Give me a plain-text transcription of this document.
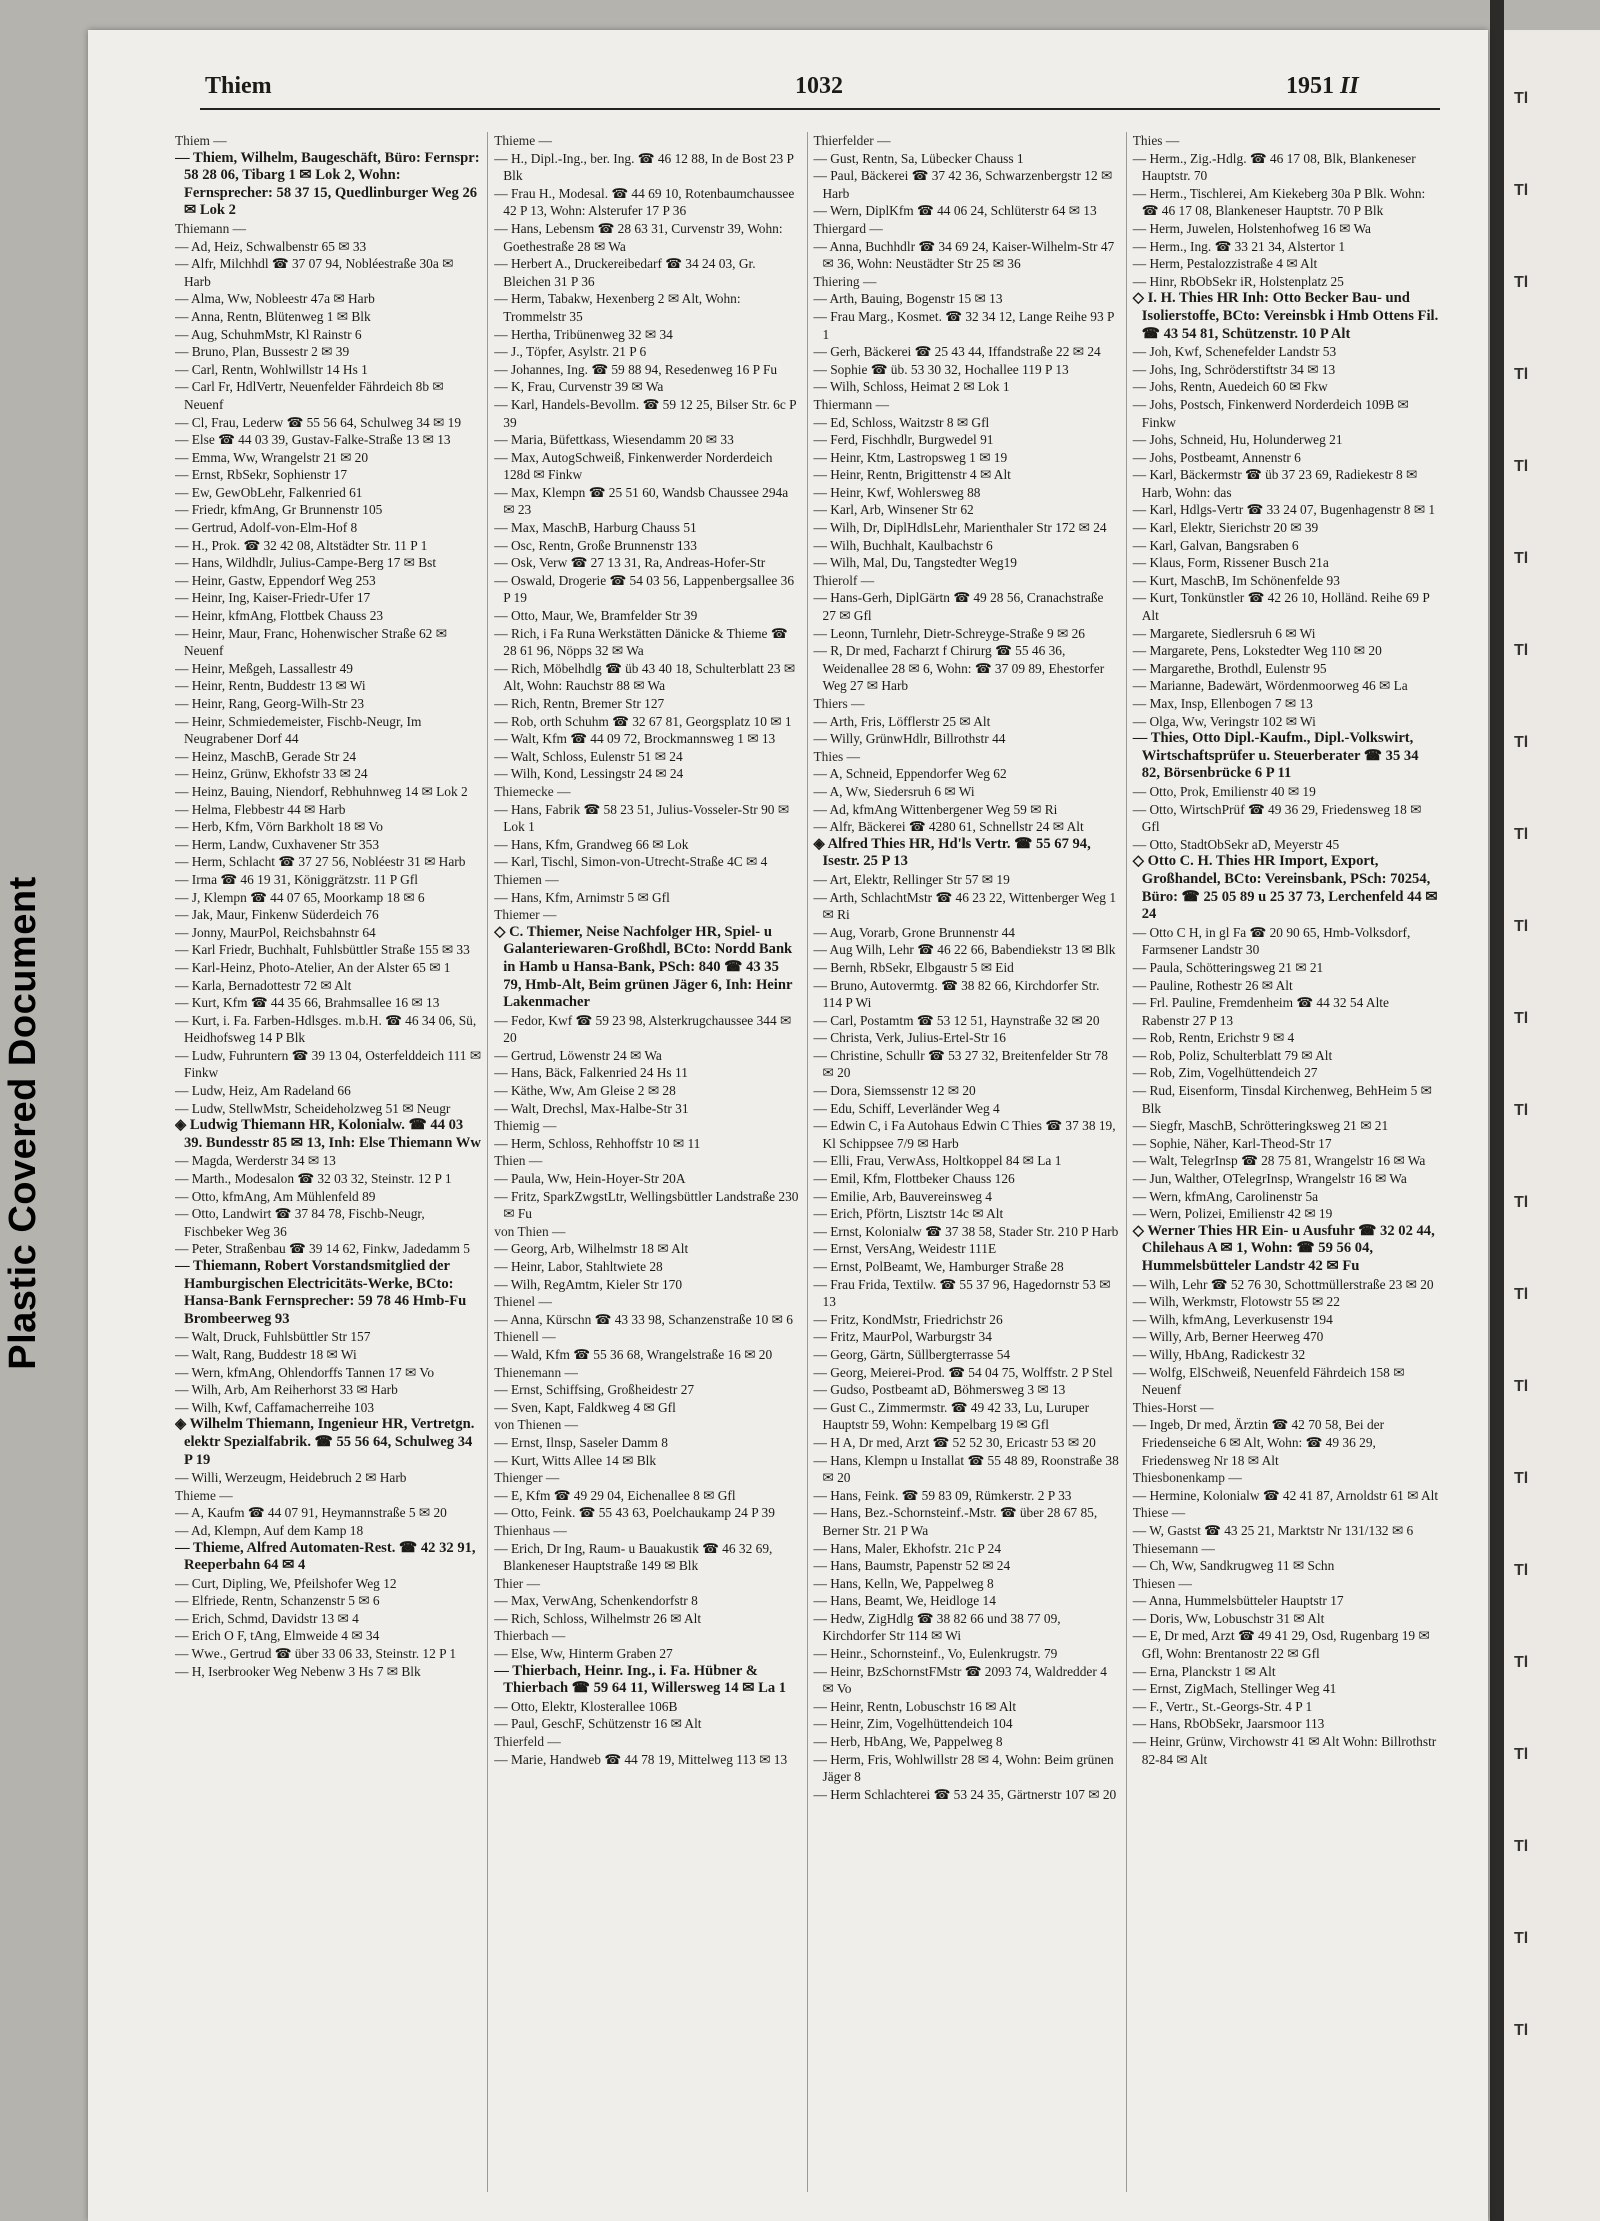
Tl
Tl
Tl
Tl
Tl
Tl
Tl
Tl
Tl
Tl
Tl
Tl
Tl
Tl
Tl
Tl
Tl
Tl
Tl
Tl
Tl
Tl
Plastic Covered Document
Thiem	1032	1951 II
Thiem —
— Thiem, Wilhelm, Baugeschäft, Büro: Fernspr: 58 28 06, Tibarg 1 ✉ Lok 2, Wohn: Fernsprecher: 58 37 15, Quedlinburger Weg 26 ✉ Lok 2
Thiemann —
— Ad, Heiz, Schwalbenstr 65 ✉ 33
— Alfr, Milchhdl ☎ 37 07 94, Nobléestraße 30a ✉ Harb
— Alma, Ww, Nobleestr 47a ✉ Harb
— Anna, Rentn, Blütenweg 1 ✉ Blk
— Aug, SchuhmMstr, Kl Rainstr 6
— Bruno, Plan, Bussestr 2 ✉ 39
— Carl, Rentn, Wohlwillstr 14 Hs 1
— Carl Fr, HdlVertr, Neuenfelder Fährdeich 8b ✉ Neuenf
— Cl, Frau, Lederw ☎ 55 56 64, Schulweg 34 ✉ 19
— Else ☎ 44 03 39, Gustav-Falke-Straße 13 ✉ 13
— Emma, Ww, Wrangelstr 21 ✉ 20
— Ernst, RbSekr, Sophienstr 17
— Ew, GewObLehr, Falkenried 61
— Friedr, kfmAng, Gr Brunnenstr 105
— Gertrud, Adolf-von-Elm-Hof 8
— H., Prok. ☎ 32 42 08, Altstädter Str. 11 P 1
— Hans, Wildhdlr, Julius-Campe-Berg 17 ✉ Bst
— Heinr, Gastw, Eppendorf Weg 253
— Heinr, Ing, Kaiser-Friedr-Ufer 17
— Heinr, kfmAng, Flottbek Chauss 23
— Heinr, Maur, Franc, Hohenwischer Straße 62 ✉ Neuenf
— Heinr, Meßgeh, Lassallestr 49
— Heinr, Rentn, Buddestr 13 ✉ Wi
— Heinr, Rang, Georg-Wilh-Str 23
— Heinr, Schmiedemeister, Fischb-Neugr, Im Neugrabener Dorf 44
— Heinz, MaschB, Gerade Str 24
— Heinz, Grünw, Ekhofstr 33 ✉ 24
— Heinz, Bauing, Niendorf, Rebhuhnweg 14 ✉ Lok 2
— Helma, Flebbestr 44 ✉ Harb
— Herb, Kfm, Vörn Barkholt 18 ✉ Vo
— Herm, Landw, Cuxhavener Str 353
— Herm, Schlacht ☎ 37 27 56, Nobléestr 31 ✉ Harb
— Irma ☎ 46 19 31, Königgrätzstr. 11 P Gfl
— J, Klempn ☎ 44 07 65, Moorkamp 18 ✉ 6
— Jak, Maur, Finkenw Süderdeich 76
— Jonny, MaurPol, Reichsbahnstr 64
— Karl Friedr, Buchhalt, Fuhlsbüttler Straße 155 ✉ 33
— Karl-Heinz, Photo-Atelier, An der Alster 65 ✉ 1
— Karla, Bernadottestr 72 ✉ Alt
— Kurt, Kfm ☎ 44 35 66, Brahmsallee 16 ✉ 13
— Kurt, i. Fa. Farben-Hdlsges. m.b.H. ☎ 46 34 06, Sü, Heidhofsweg 14 P Blk
— Ludw, Fuhruntern ☎ 39 13 04, Osterfelddeich 111 ✉ Finkw
— Ludw, Heiz, Am Radeland 66
— Ludw, StellwMstr, Scheideholzweg 51 ✉ Neugr
◈ Ludwig Thiemann HR, Kolonialw. ☎ 44 03 39. Bundesstr 85 ✉ 13, Inh: Else Thiemann Ww
— Magda, Werderstr 34 ✉ 13
— Marth., Modesalon ☎ 32 03 32, Steinstr. 12 P 1
— Otto, kfmAng, Am Mühlenfeld 89
— Otto, Landwirt ☎ 37 84 78, Fischb-Neugr, Fischbeker Weg 36
— Peter, Straßenbau ☎ 39 14 62, Finkw, Jadedamm 5
— Thiemann, Robert Vorstandsmitglied der Hamburgischen Electricitäts-Werke, BCto: Hansa-Bank Fernsprecher: 59 78 46 Hmb-Fu Brombeerweg 93
— Walt, Druck, Fuhlsbüttler Str 157
— Walt, Rang, Buddestr 18 ✉ Wi
— Wern, kfmAng, Ohlendorffs Tannen 17 ✉ Vo
— Wilh, Arb, Am Reiherhorst 33 ✉ Harb
— Wilh, Kwf, Caffamacherreihe 103
◈ Wilhelm Thiemann, Ingenieur HR, Vertretgn. elektr Spezialfabrik. ☎ 55 56 64, Schulweg 34 P 19
— Willi, Werzeugm, Heidebruch 2 ✉ Harb
Thieme —
— A, Kaufm ☎ 44 07 91, Heymannstraße 5 ✉ 20
— Ad, Klempn, Auf dem Kamp 18
— Thieme, Alfred Automaten-Rest. ☎ 42 32 91, Reeperbahn 64 ✉ 4
— Curt, Dipling, We, Pfeilshofer Weg 12
— Elfriede, Rentn, Schanzenstr 5 ✉ 6
— Erich, Schmd, Davidstr 13 ✉ 4
— Erich O F, tAng, Elmweide 4 ✉ 34
— Wwe., Gertrud ☎ über 33 06 33, Steinstr. 12 P 1
— H, Iserbrooker Weg Nebenw 3 Hs 7 ✉ Blk
Thieme —
— H., Dipl.-Ing., ber. Ing. ☎ 46 12 88, In de Bost 23 P Blk
— Frau H., Modesal. ☎ 44 69 10, Rotenbaumchaussee 42 P 13, Wohn: Alsterufer 17 P 36
— Hans, Lebensm ☎ 28 63 31, Curvenstr 39, Wohn: Goethestraße 28 ✉ Wa
— Herbert A., Druckereibedarf ☎ 34 24 03, Gr. Bleichen 31 P 36
— Herm, Tabakw, Hexenberg 2 ✉ Alt, Wohn: Trommelstr 35
— Hertha, Tribünenweg 32 ✉ 34
— J., Töpfer, Asylstr. 21 P 6
— Johannes, Ing. ☎ 59 88 94, Resedenweg 16 P Fu
— K, Frau, Curvenstr 39 ✉ Wa
— Karl, Handels-Bevollm. ☎ 59 12 25, Bilser Str. 6c P 39
— Maria, Büfettkass, Wiesendamm 20 ✉ 33
— Max, AutogSchweiß, Finkenwerder Norderdeich 128d ✉ Finkw
— Max, Klempn ☎ 25 51 60, Wandsb Chaussee 294a ✉ 23
— Max, MaschB, Harburg Chauss 51
— Osc, Rentn, Große Brunnenstr 133
— Osk, Verw ☎ 27 13 31, Ra, Andreas-Hofer-Str
— Oswald, Drogerie ☎ 54 03 56, Lappenbergsallee 36 P 19
— Otto, Maur, We, Bramfelder Str 39
— Rich, i Fa Runa Werkstätten Dänicke & Thieme ☎ 28 61 96, Nöpps 32 ✉ Wa
— Rich, Möbelhdlg ☎ üb 43 40 18, Schulterblatt 23 ✉ Alt, Wohn: Rauchstr 88 ✉ Wa
— Rich, Rentn, Bremer Str 127
— Rob, orth Schuhm ☎ 32 67 81, Georgsplatz 10 ✉ 1
— Walt, Kfm ☎ 44 09 72, Brockmannsweg 1 ✉ 13
— Walt, Schloss, Eulenstr 51 ✉ 24
— Wilh, Kond, Lessingstr 24 ✉ 24
Thiemecke —
— Hans, Fabrik ☎ 58 23 51, Julius-Vosseler-Str 90 ✉ Lok 1
— Hans, Kfm, Grandweg 66 ✉ Lok
— Karl, Tischl, Simon-von-Utrecht-Straße 4C ✉ 4
Thiemen —
— Hans, Kfm, Arnimstr 5 ✉ Gfl
Thiemer —
◇ C. Thiemer, Neise Nachfolger HR, Spiel- u Galanteriewaren-Großhdl, BCto: Nordd Bank in Hamb u Hansa-Bank, PSch: 840 ☎ 43 35 79, Hmb-Alt, Beim grünen Jäger 6, Inh: Heinr Lakenmacher
— Fedor, Kwf ☎ 59 23 98, Alsterkrugchaussee 344 ✉ 20
— Gertrud, Löwenstr 24 ✉ Wa
— Hans, Bäck, Falkenried 24 Hs 11
— Käthe, Ww, Am Gleise 2 ✉ 28
— Walt, Drechsl, Max-Halbe-Str 31
Thiemig —
— Herm, Schloss, Rehhoffstr 10 ✉ 11
Thien —
— Paula, Ww, Hein-Hoyer-Str 20A
— Fritz, SparkZwgstLtr, Wellingsbüttler Landstraße 230 ✉ Fu
von Thien —
— Georg, Arb, Wilhelmstr 18 ✉ Alt
— Heinr, Labor, Stahltwiete 28
— Wilh, RegAmtm, Kieler Str 170
Thienel —
— Anna, Kürschn ☎ 43 33 98, Schanzenstraße 10 ✉ 6
Thienell —
— Wald, Kfm ☎ 55 36 68, Wrangelstraße 16 ✉ 20
Thienemann —
— Ernst, Schiffsing, Großheidestr 27
— Sven, Kapt, Faldkweg 4 ✉ Gfl
von Thienen —
— Ernst, Ilnsp, Saseler Damm 8
— Kurt, Witts Allee 14 ✉ Blk
Thienger —
— E, Kfm ☎ 49 29 04, Eichenallee 8 ✉ Gfl
— Otto, Feink. ☎ 55 43 63, Poelchaukamp 24 P 39
Thienhaus —
— Erich, Dr Ing, Raum- u Bauakustik ☎ 46 32 69, Blankeneser Hauptstraße 149 ✉ Blk
Thier —
— Max, VerwAng, Schenkendorfstr 8
— Rich, Schloss, Wilhelmstr 26 ✉ Alt
Thierbach —
— Else, Ww, Hinterm Graben 27
— Thierbach, Heinr. Ing., i. Fa. Hübner & Thierbach ☎ 59 64 11, Willersweg 14 ✉ La 1
— Otto, Elektr, Klosterallee 106B
— Paul, GeschF, Schützenstr 16 ✉ Alt
Thierfeld —
— Marie, Handweb ☎ 44 78 19, Mittelweg 113 ✉ 13
Thierfelder —
— Gust, Rentn, Sa, Lübecker Chauss 1
— Paul, Bäckerei ☎ 37 42 36, Schwarzenbergstr 12 ✉ Harb
— Wern, DiplKfm ☎ 44 06 24, Schlüterstr 64 ✉ 13
Thiergard —
— Anna, Buchhdlr ☎ 34 69 24, Kaiser-Wilhelm-Str 47 ✉ 36, Wohn: Neustädter Str 25 ✉ 36
Thiering —
— Arth, Bauing, Bogenstr 15 ✉ 13
— Frau Marg., Kosmet. ☎ 32 34 12, Lange Reihe 93 P 1
— Gerh, Bäckerei ☎ 25 43 44, Iffandstraße 22 ✉ 24
— Sophie ☎ üb. 53 30 32, Hochallee 119 P 13
— Wilh, Schloss, Heimat 2 ✉ Lok 1
Thiermann —
— Ed, Schloss, Waitzstr 8 ✉ Gfl
— Ferd, Fischhdlr, Burgwedel 91
— Heinr, Ktm, Lastropsweg 1 ✉ 19
— Heinr, Rentn, Brigittenstr 4 ✉ Alt
— Heinr, Kwf, Wohlersweg 88
— Karl, Arb, Winsener Str 62
— Wilh, Dr, DiplHdlsLehr, Marienthaler Str 172 ✉ 24
— Wilh, Buchhalt, Kaulbachstr 6
— Wilh, Mal, Du, Tangstedter Weg19
Thierolf —
— Hans-Gerh, DiplGärtn ☎ 49 28 56, Cranachstraße 27 ✉ Gfl
— Leonn, Turnlehr, Dietr-Schreyge-Straße 9 ✉ 26
— R, Dr med, Facharzt f Chirurg ☎ 55 46 36, Weidenallee 28 ✉ 6, Wohn: ☎ 37 09 89, Ehestorfer Weg 27 ✉ Harb
Thiers —
— Arth, Fris, Löfflerstr 25 ✉ Alt
— Willy, GrünwHdlr, Billrothstr 44
Thies —
— A, Schneid, Eppendorfer Weg 62
— A, Ww, Siedersruh 6 ✉ Wi
— Ad, kfmAng Wittenbergener Weg 59 ✉ Ri
— Alfr, Bäckerei ☎ 4280 61, Schnellstr 24 ✉ Alt
◈ Alfred Thies HR, Hd'ls Vertr. ☎ 55 67 94, Isestr. 25 P 13
— Art, Elektr, Rellinger Str 57 ✉ 19
— Arth, SchlachtMstr ☎ 46 23 22, Wittenberger Weg 1 ✉ Ri
— Aug, Vorarb, Grone Brunnenstr 44
— Aug Wilh, Lehr ☎ 46 22 66, Babendiekstr 13 ✉ Blk
— Bernh, RbSekr, Elbgaustr 5 ✉ Eid
— Bruno, Autovermtg. ☎ 38 82 66, Kirchdorfer Str. 114 P Wi
— Carl, Postamtm ☎ 53 12 51, Haynstraße 32 ✉ 20
— Christa, Verk, Julius-Ertel-Str 16
— Christine, Schullr ☎ 53 27 32, Breitenfelder Str 78 ✉ 20
— Dora, Siemssenstr 12 ✉ 20
— Edu, Schiff, Leverländer Weg 4
— Edwin C, i Fa Autohaus Edwin C Thies ☎ 37 38 19, Kl Schippsee 7/9 ✉ Harb
— Elli, Frau, VerwAss, Holtkoppel 84 ✉ La 1
— Emil, Kfm, Flottbeker Chauss 126
— Emilie, Arb, Bauvereinsweg 4
— Erich, Pförtn, Lisztstr 14c ✉ Alt
— Ernst, Kolonialw ☎ 37 38 58, Stader Str. 210 P Harb
— Ernst, VersAng, Weidestr 111E
— Ernst, PolBeamt, We, Hamburger Straße 28
— Frau Frida, Textilw. ☎ 55 37 96, Hagedornstr 53 ✉ 13
— Fritz, KondMstr, Friedrichstr 26
— Fritz, MaurPol, Warburgstr 34
— Georg, Gärtn, Süllbergterrasse 54
— Georg, Meierei-Prod. ☎ 54 04 75, Wolffstr. 2 P Stel
— Gudso, Postbeamt aD, Böhmersweg 3 ✉ 13
— Gust C., Zimmermstr. ☎ 49 42 33, Lu, Luruper Hauptstr 59, Wohn: Kempelbarg 19 ✉ Gfl
— H A, Dr med, Arzt ☎ 52 52 30, Ericastr 53 ✉ 20
— Hans, Klempn u Installat ☎ 55 48 89, Roonstraße 38 ✉ 20
— Hans, Feink. ☎ 59 83 09, Rümkerstr. 2 P 33
— Hans, Bez.-Schornsteinf.-Mstr. ☎ über 28 67 85, Berner Str. 21 P Wa
— Hans, Maler, Ekhofstr. 21c P 24
— Hans, Baumstr, Papenstr 52 ✉ 24
— Hans, Kelln, We, Pappelweg 8
— Hans, Beamt, We, Heidloge 14
— Hedw, ZigHdlg ☎ 38 82 66 und 38 77 09, Kirchdorfer Str 114 ✉ Wi
— Heinr., Schornsteinf., Vo, Eulenkrugstr. 79
— Heinr, BzSchornstFMstr ☎ 2093 74, Waldredder 4 ✉ Vo
— Heinr, Rentn, Lobuschstr 16 ✉ Alt
— Heinr, Zim, Vogelhüttendeich 104
— Herb, HbAng, We, Pappelweg 8
— Herm, Fris, Wohlwillstr 28 ✉ 4, Wohn: Beim grünen Jäger 8
— Herm Schlachterei ☎ 53 24 35, Gärtnerstr 107 ✉ 20
Thies —
— Herm., Zig.-Hdlg. ☎ 46 17 08, Blk, Blankeneser Hauptstr. 70
— Herm., Tischlerei, Am Kiekeberg 30a P Blk. Wohn: ☎ 46 17 08, Blankeneser Hauptstr. 70 P Blk
— Herm, Juwelen, Holstenhofweg 16 ✉ Wa
— Herm., Ing. ☎ 33 21 34, Alstertor 1
— Herm, Pestalozzistraße 4 ✉ Alt
— Hinr, RbObSekr iR, Holstenplatz 25
◇ I. H. Thies HR Inh: Otto Becker Bau- und Isolierstoffe, BCto: Vereinsbk i Hmb Ottens Fil. ☎ 43 54 81, Schützenstr. 10 P Alt
— Joh, Kwf, Schenefelder Landstr 53
— Johs, Ing, Schröderstiftstr 34 ✉ 13
— Johs, Rentn, Auedeich 60 ✉ Fkw
— Johs, Postsch, Finkenwerd Norderdeich 109B ✉ Finkw
— Johs, Schneid, Hu, Holunderweg 21
— Johs, Postbeamt, Annenstr 6
— Karl, Bäckermstr ☎ üb 37 23 69, Radiekestr 8 ✉ Harb, Wohn: das
— Karl, Hdlgs-Vertr ☎ 33 24 07, Bugenhagenstr 8 ✉ 1
— Karl, Elektr, Sierichstr 20 ✉ 39
— Karl, Galvan, Bangsraben 6
— Klaus, Form, Rissener Busch 21a
— Kurt, MaschB, Im Schönenfelde 93
— Kurt, Tonkünstler ☎ 42 26 10, Holländ. Reihe 69 P Alt
— Margarete, Siedlersruh 6 ✉ Wi
— Margarete, Pens, Lokstedter Weg 110 ✉ 20
— Margarethe, Brothdl, Eulenstr 95
— Marianne, Badewärt, Wördenmoorweg 46 ✉ La
— Max, Insp, Ellenbogen 7 ✉ 13
— Olga, Ww, Veringstr 102 ✉ Wi
— Thies, Otto Dipl.-Kaufm., Dipl.-Volkswirt, Wirtschaftsprüfer u. Steuerberater ☎ 35 34 82, Börsenbrücke 6 P 11
— Otto, Prok, Emilienstr 40 ✉ 19
— Otto, WirtschPrüf ☎ 49 36 29, Friedensweg 18 ✉ Gfl
— Otto, StadtObSekr aD, Meyerstr 45
◇ Otto C. H. Thies HR Import, Export, Großhandel, BCto: Vereinsbank, PSch: 70254, Büro: ☎ 25 05 89 u 25 37 73, Lerchenfeld 44 ✉ 24
— Otto C H, in gl Fa ☎ 20 90 65, Hmb-Volksdorf, Farmsener Landstr 30
— Paula, Schötteringsweg 21 ✉ 21
— Pauline, Rothestr 26 ✉ Alt
— Frl. Pauline, Fremdenheim ☎ 44 32 54 Alte Rabenstr 27 P 13
— Rob, Rentn, Erichstr 9 ✉ 4
— Rob, Poliz, Schulterblatt 79 ✉ Alt
— Rob, Zim, Vogelhüttendeich 27
— Rud, Eisenform, Tinsdal Kirchenweg, BehHeim 5 ✉ Blk
— Siegfr, MaschB, Schrötteringksweg 21 ✉ 21
— Sophie, Näher, Karl-Theod-Str 17
— Walt, TelegrInsp ☎ 28 75 81, Wrangelstr 16 ✉ Wa
— Jun, Walther, OTelegrInsp, Wrangelstr 16 ✉ Wa
— Wern, kfmAng, Carolinenstr 5a
— Wern, Polizei, Emilienstr 42 ✉ 19
◇ Werner Thies HR Ein- u Ausfuhr ☎ 32 02 44, Chilehaus A ✉ 1, Wohn: ☎ 59 56 04, Hummelsbütteler Landstr 42 ✉ Fu
— Wilh, Lehr ☎ 52 76 30, Schottmüllerstraße 23 ✉ 20
— Wilh, Werkmstr, Flotowstr 55 ✉ 22
— Wilh, kfmAng, Leverkusenstr 194
— Willy, Arb, Berner Heerweg 470
— Willy, HbAng, Radickestr 32
— Wolfg, ElSchweiß, Neuenfeld Fährdeich 158 ✉ Neuenf
Thies-Horst —
— Ingeb, Dr med, Ärztin ☎ 42 70 58, Bei der Friedenseiche 6 ✉ Alt, Wohn: ☎ 49 36 29, Friedensweg Nr 18 ✉ Alt
Thiesbonenkamp —
— Hermine, Kolonialw ☎ 42 41 87, Arnoldstr 61 ✉ Alt
Thiese —
— W, Gastst ☎ 43 25 21, Marktstr Nr 131/132 ✉ 6
Thiesemann —
— Ch, Ww, Sandkrugweg 11 ✉ Schn
Thiesen —
— Anna, Hummelsbütteler Hauptstr 17
— Doris, Ww, Lobuschstr 31 ✉ Alt
— E, Dr med, Arzt ☎ 49 41 29, Osd, Rugenbarg 19 ✉ Gfl, Wohn: Brentanostr 22 ✉ Gfl
— Erna, Planckstr 1 ✉ Alt
— Ernst, ZigMach, Stellinger Weg 41
— F., Vertr., St.-Georgs-Str. 4 P 1
— Hans, RbObSekr, Jaarsmoor 113
— Heinr, Grünw, Virchowstr 41 ✉ Alt Wohn: Billrothstr 82-84 ✉ Alt
